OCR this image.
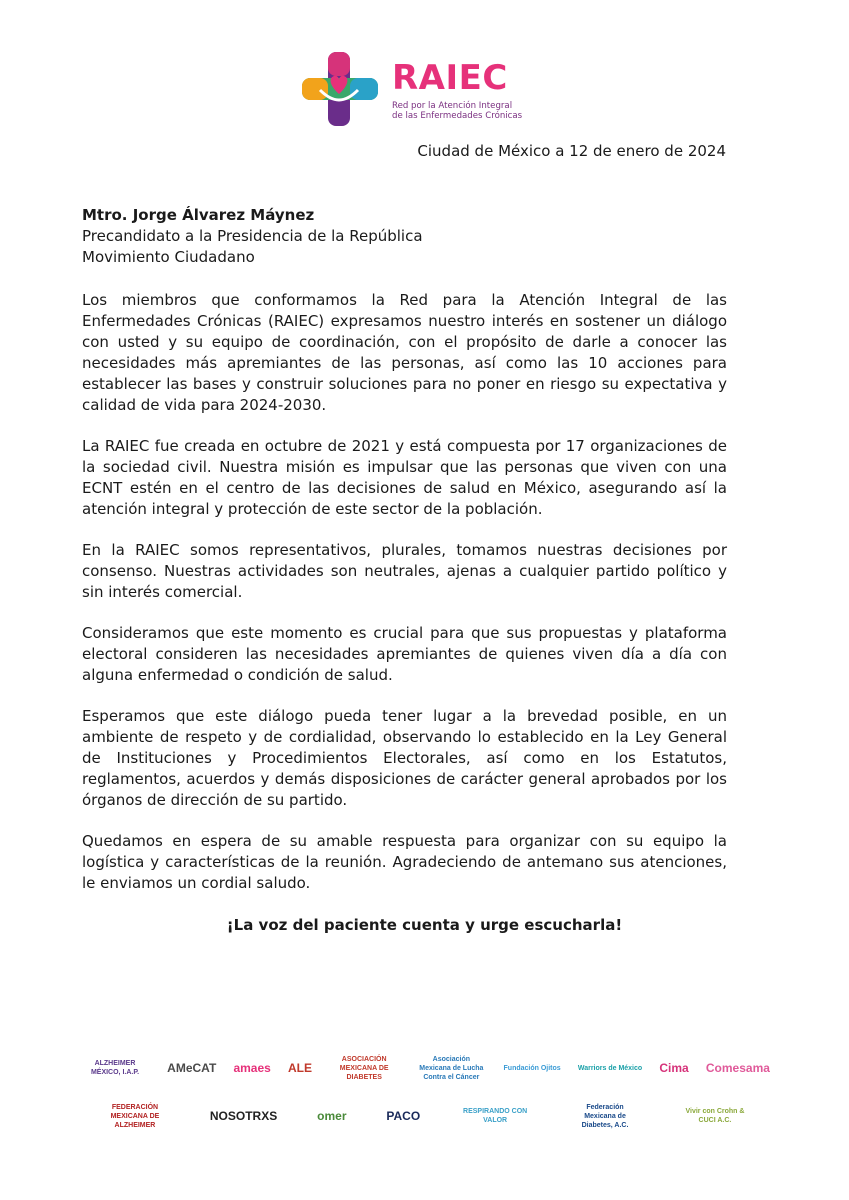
RAIEC
Red por la Atención Integral
de las Enfermedades Crónicas
Ciudad de México a 12 de enero de 2024
Mtro. Jorge Álvarez Máynez
Precandidato a la Presidencia de la República
Movimiento Ciudadano

Los miembros que conformamos la Red para la Atención Integral de las Enfermedades Crónicas (RAIEC) expresamos nuestro interés en sostener un diálogo con usted y su equipo de coordinación, con el propósito de darle a conocer las necesidades más apremiantes de las personas, así como las 10 acciones para establecer las bases y construir soluciones para no poner en riesgo su expectativa y calidad de vida para 2024-2030.

La RAIEC fue creada en octubre de 2021 y está compuesta por 17 organizaciones de la sociedad civil. Nuestra misión es impulsar que las personas que viven con una ECNT estén en el centro de las decisiones de salud en México, asegurando así la atención integral y protección de este sector de la población.

En la RAIEC somos representativos, plurales, tomamos nuestras decisiones por consenso. Nuestras actividades son neutrales, ajenas a cualquier partido político y sin interés comercial.

Consideramos que este momento es crucial para que sus propuestas y plataforma electoral consideren las necesidades apremiantes de quienes viven día a día con alguna enfermedad o condición de salud.

Esperamos que este diálogo pueda tener lugar a la brevedad posible, en un ambiente de respeto y de cordialidad, observando lo establecido en la Ley General de Instituciones y Procedimientos Electorales, así como en los Estatutos, reglamentos, acuerdos y demás disposiciones de carácter general aprobados por los órganos de dirección de su partido.

Quedamos en espera de su amable respuesta para organizar con su equipo la logística y características de la reunión. Agradeciendo de antemano sus atenciones, le enviamos un cordial saludo.

¡La voz del paciente cuenta y urge escucharla!
ALZHEIMER MÉXICO, I.A.P.	AMeCAT amaes ALE
ASOCIACIÓN MEXICANA DE DIABETES
Asociación Mexicana de Lucha Contra el Cáncer
Fundación Ojitos Warriors de México Cima Comesama
FEDERACIÓN MEXICANA DE ALZHEIMER
NOSOTRXS	omer	PACO	RESPIRANDO CON VALOR
Federación Mexicana de Diabetes, A.C.
Vivir con Crohn & CUCI A.C.
